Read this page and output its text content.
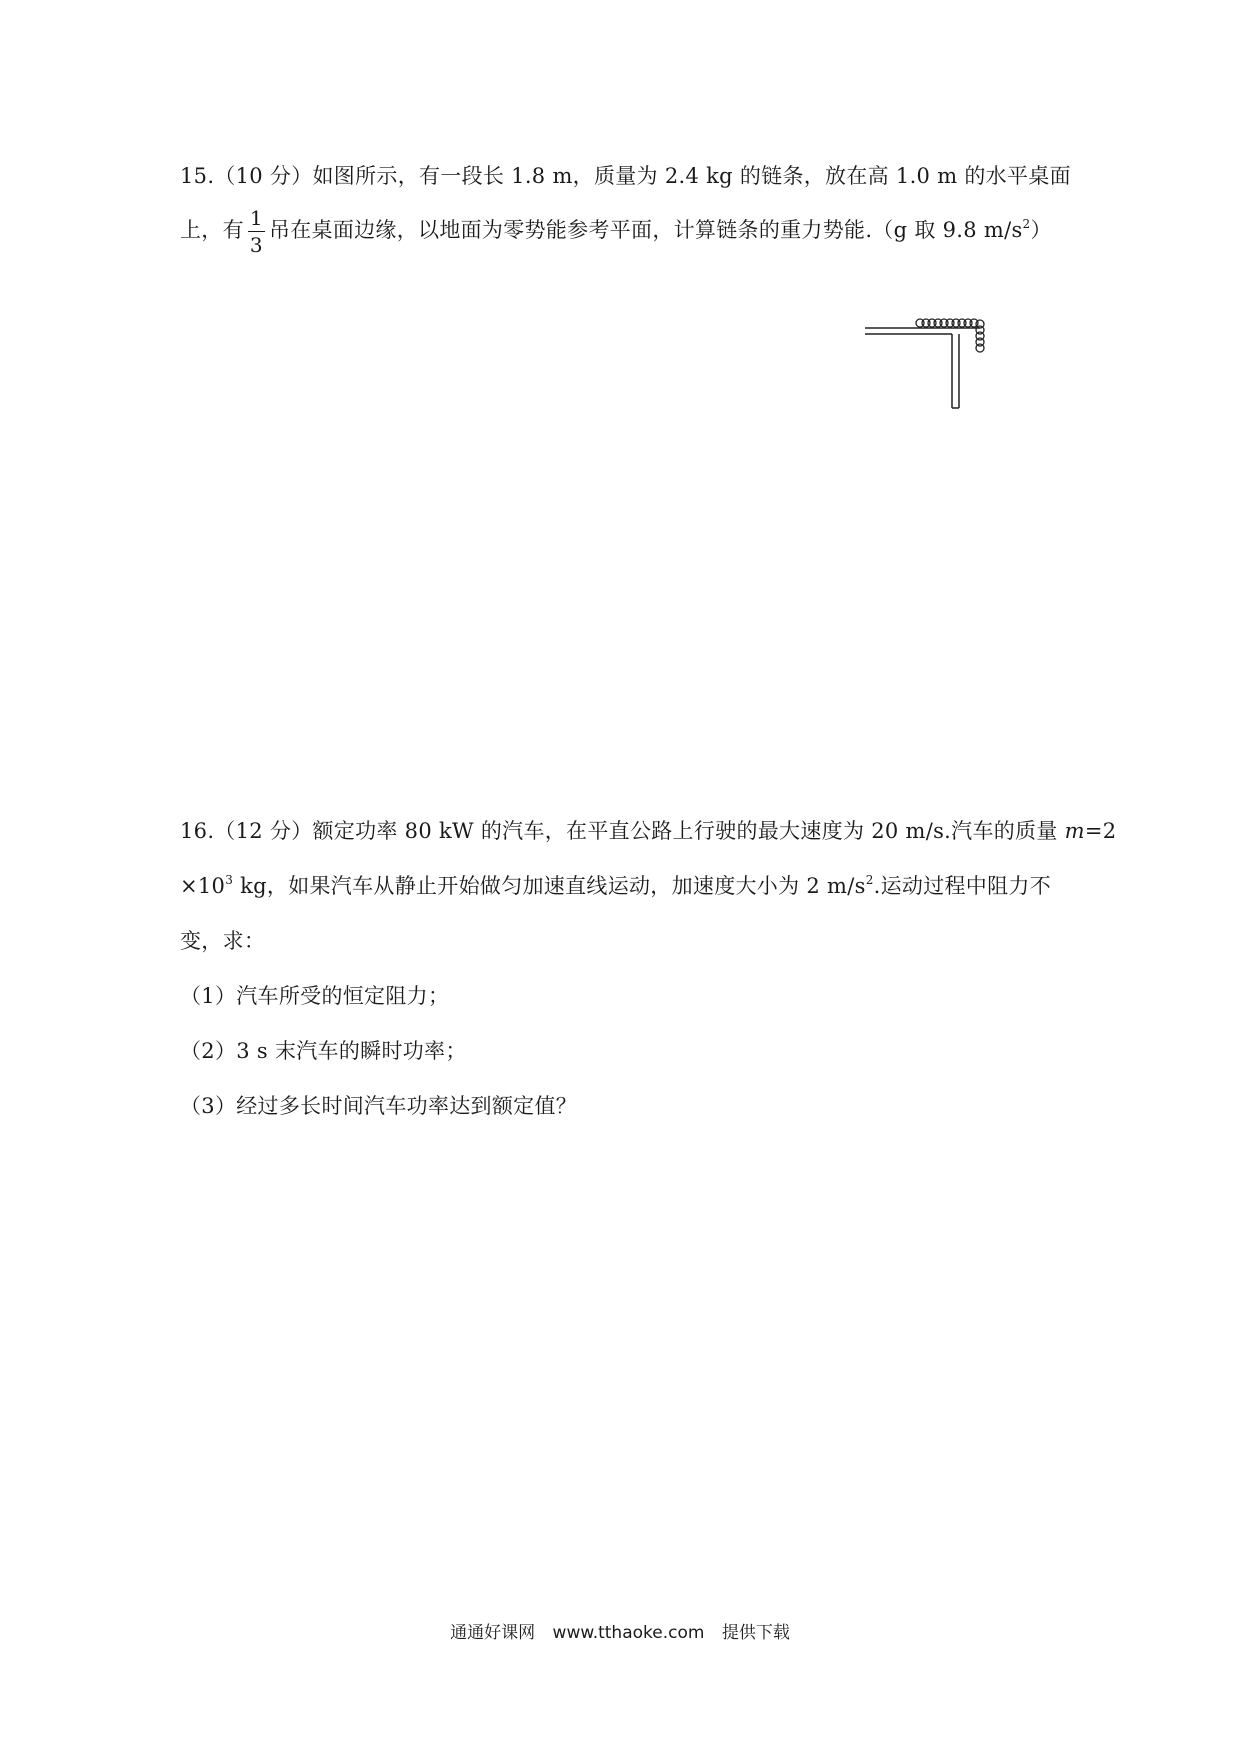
15.（10 分）如图所示，有一段长 1.8 m，质量为 2.4 kg 的链条，放在高 1.0 m 的水平桌面
上，有 $\frac{1}{3}$ 吊在桌面边缘，以地面为零势能参考平面，计算链条的重力势能.（g 取 9.8 $m/s^2$）
16.（12 分）额定功率 80 kW 的汽车，在平直公路上行驶的最大速度为 20 m/s.汽车的质量 m=2
$\times 10^3$ kg，如果汽车从静止开始做匀加速直线运动，加速度大小为 2 $m/s^2$.运动过程中阻力不
变，求：
（1）汽车所受的恒定阻力；
（2）3 s 末汽车的瞬时功率；
（3）经过多长时间汽车功率达到额定值？
通通好课网 www.tthaoke.com 提供下载
